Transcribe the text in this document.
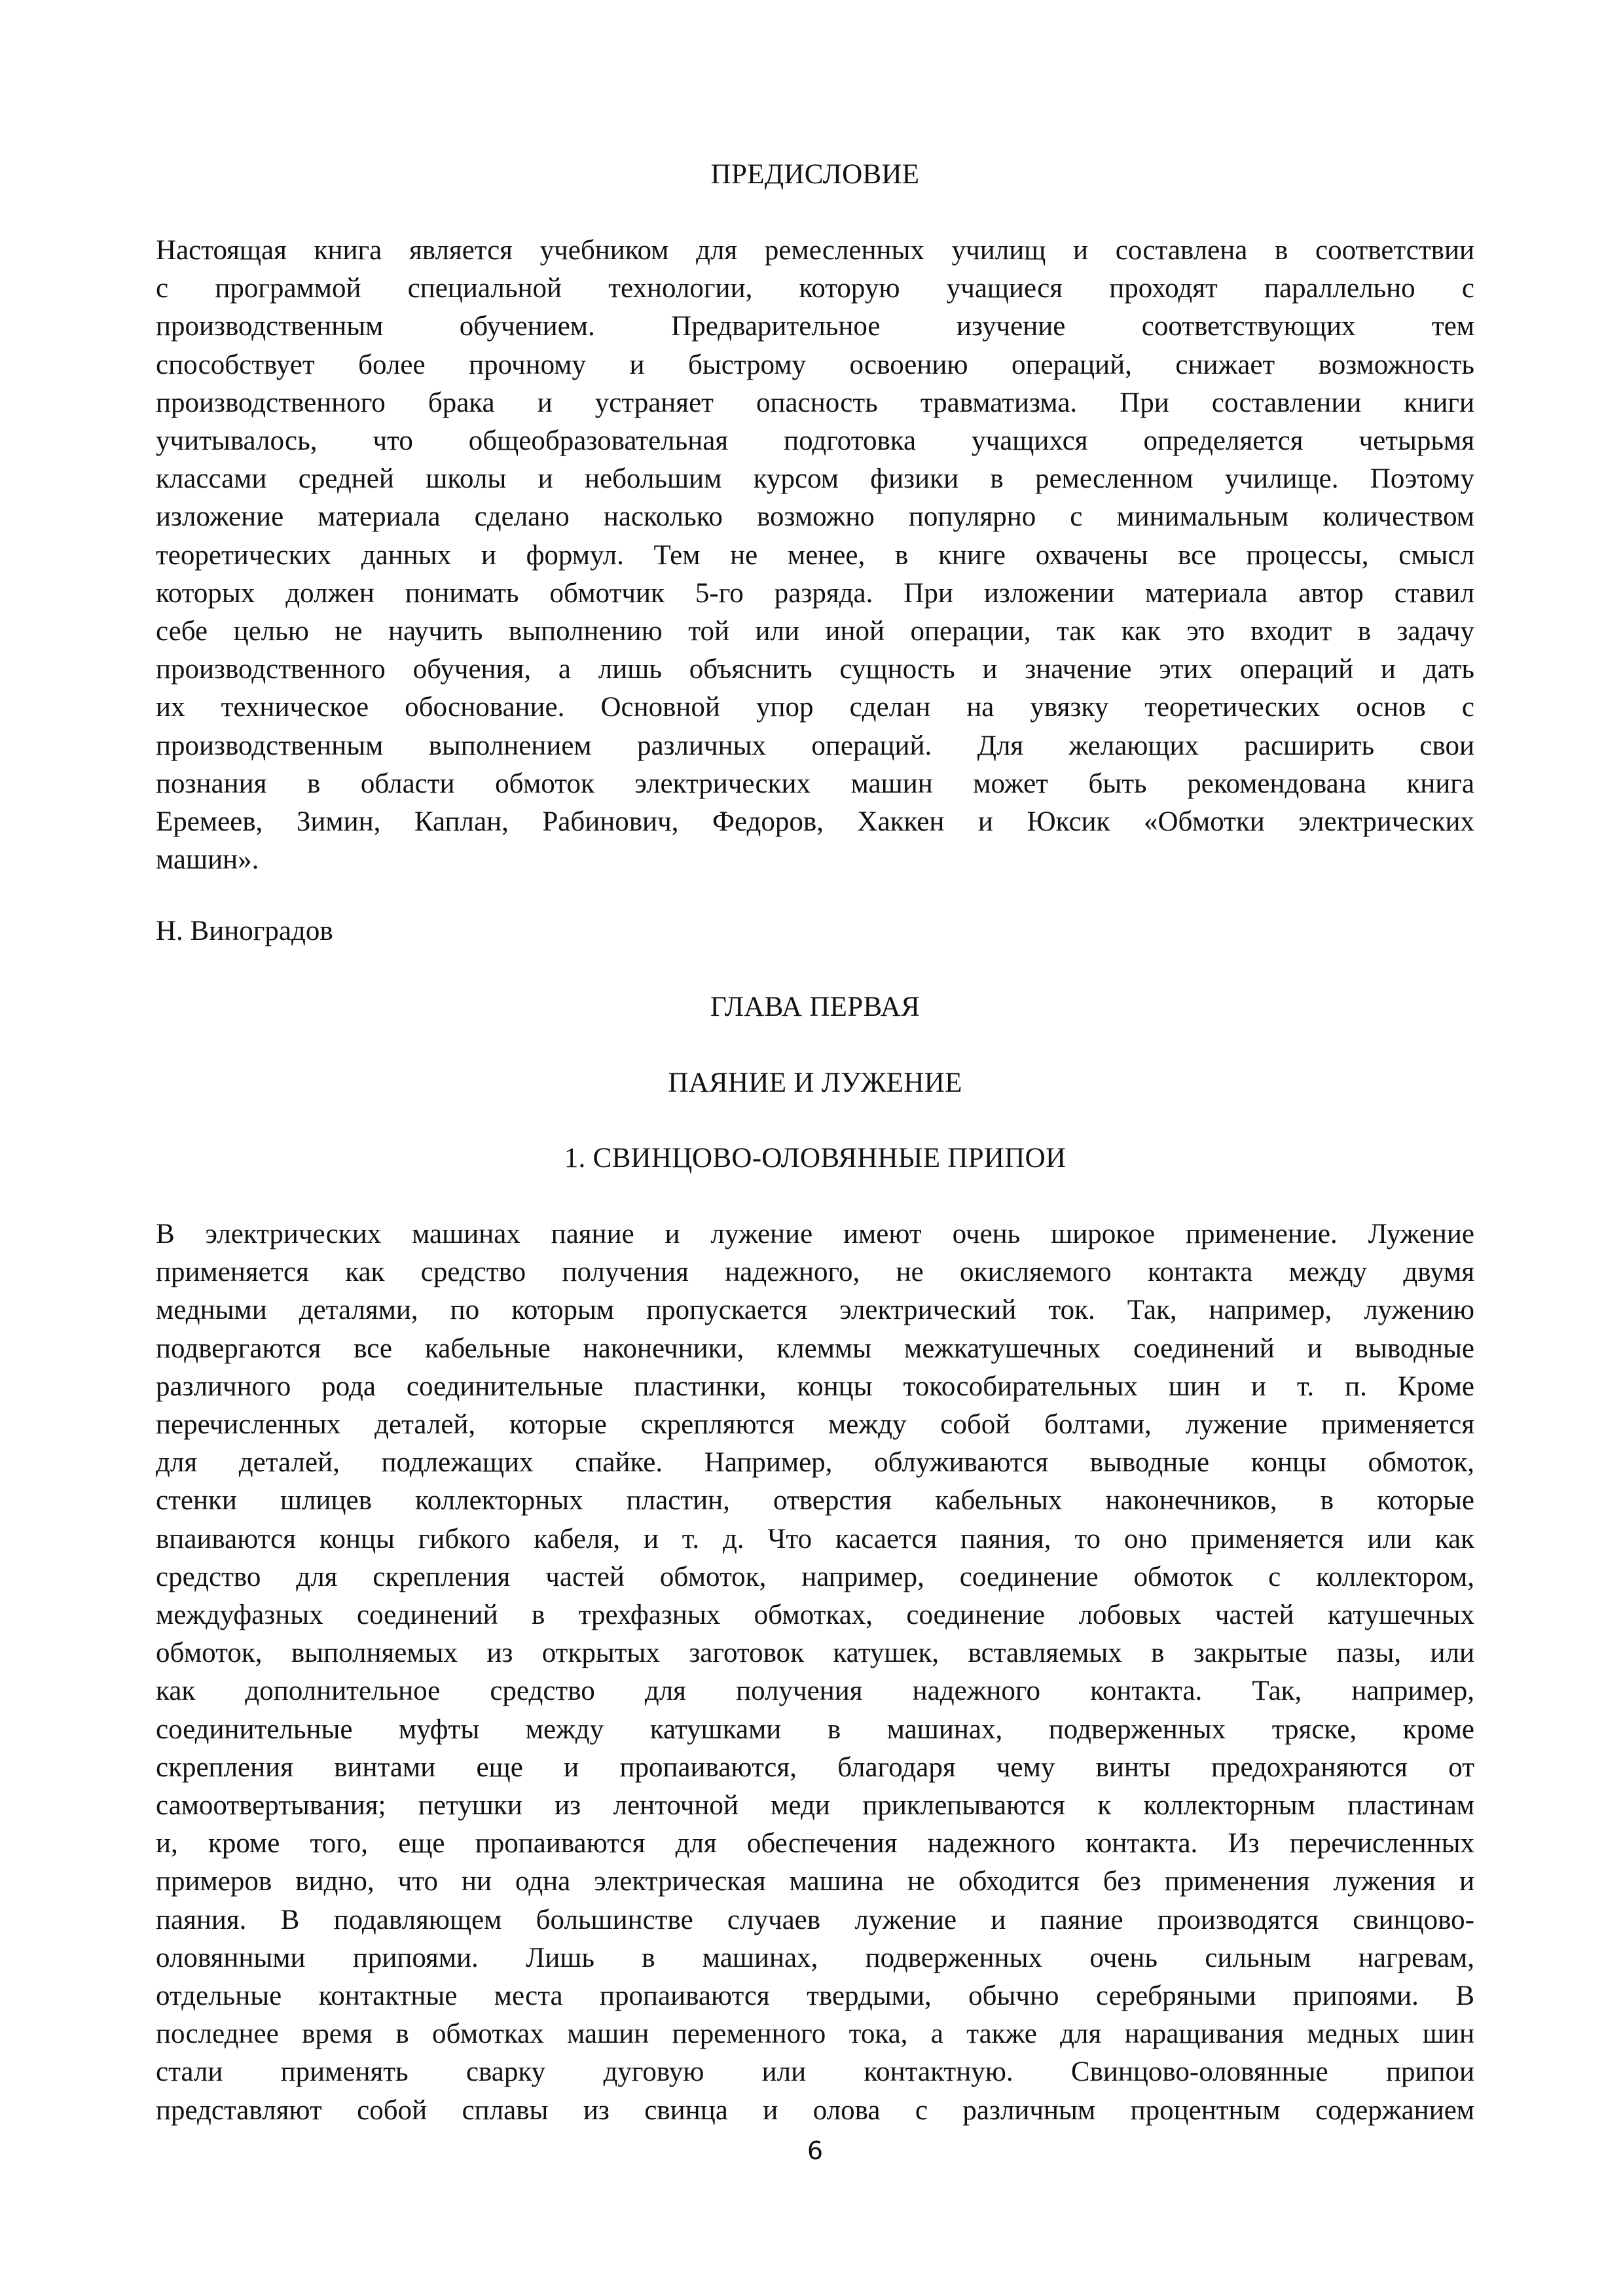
ПРЕДИСЛОВИЕ
Настоящая книга является учебником для ремесленных училищ и составлена в соответствии
с программой специальной технологии, которую учащиеся проходят параллельно с
производственным обучением. Предварительное изучение соответствующих тем
способствует более прочному и быстрому освоению операций, снижает возможность
производственного брака и устраняет опасность травматизма. При составлении книги
учитывалось, что общеобразовательная подготовка учащихся определяется четырьмя
классами средней школы и небольшим курсом физики в ремесленном училище. Поэтому
изложение материала сделано насколько возможно популярно с минимальным количеством
теоретических данных и формул. Тем не менее, в книге охвачены все процессы, смысл
которых должен понимать обмотчик 5-го разряда. При изложении материала автор ставил
себе целью не научить выполнению той или иной операции, так как это входит в задачу
производственного обучения, а лишь объяснить сущность и значение этих операций и дать
их техническое обоснование. Основной упор сделан на увязку теоретических основ с
производственным выполнением различных операций. Для желающих расширить свои
познания в области обмоток электрических машин может быть рекомендована книга
Еремеев, Зимин, Каплан, Рабинович, Федоров, Хаккен и Юксик «Обмотки электрических
машин».

Н. Виноградов

ГЛАВА ПЕРВАЯ
ПАЯНИЕ И ЛУЖЕНИЕ
1. СВИНЦОВО-ОЛОВЯННЫЕ ПРИПОИ
В электрических машинах паяние и лужение имеют очень широкое применение. Лужение
применяется как средство получения надежного, не окисляемого контакта между двумя
медными деталями, по которым пропускается электрический ток. Так, например, лужению
подвергаются все кабельные наконечники, клеммы межкатушечных соединений и выводные
различного рода соединительные пластинки, концы токособирательных шин и т. п. Кроме
перечисленных деталей, которые скрепляются между собой болтами, лужение применяется
для деталей, подлежащих спайке. Например, облуживаются выводные концы обмоток,
стенки шлицев коллекторных пластин, отверстия кабельных наконечников, в которые
впаиваются концы гибкого кабеля, и т. д. Что касается паяния, то оно применяется или как
средство для скрепления частей обмоток, например, соединение обмоток с коллектором,
междуфазных соединений в трехфазных обмотках, соединение лобовых частей катушечных
обмоток, выполняемых из открытых заготовок катушек, вставляемых в закрытые пазы, или
как дополнительное средство для получения надежного контакта. Так, например,
соединительные муфты между катушками в машинах, подверженных тряске, кроме
скрепления винтами еще и пропаиваются, благодаря чему винты предохраняются от
самоотвертывания; петушки из ленточной меди приклепываются к коллекторным пластинам
и, кроме того, еще пропаиваются для обеспечения надежного контакта. Из перечисленных
примеров видно, что ни одна электрическая машина не обходится без применения лужения и
паяния. В подавляющем большинстве случаев лужение и паяние производятся свинцово-
оловянными припоями. Лишь в машинах, подверженных очень сильным нагревам,
отдельные контактные места пропаиваются твердыми, обычно серебряными припоями. В
последнее время в обмотках машин переменного тока, а также для наращивания медных шин
стали применять сварку дуговую или контактную. Свинцово-оловянные припои
представляют собой сплавы из свинца и олова с различным процентным содержанием

6
